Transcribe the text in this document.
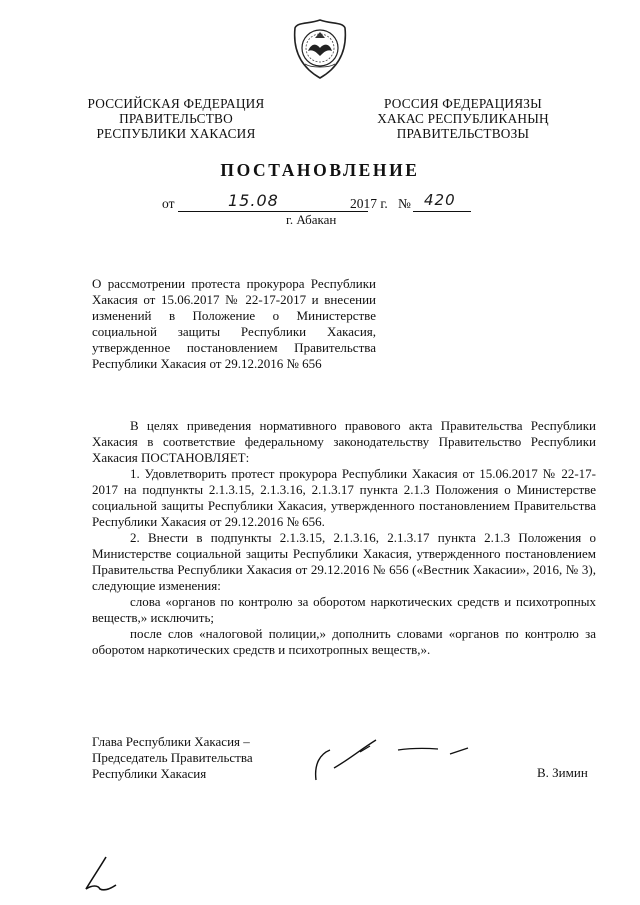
РОССИЙСКАЯ ФЕДЕРАЦИЯ
ПРАВИТЕЛЬСТВО
РЕСПУБЛИКИ ХАКАСИЯ
РОССИЯ ФЕДЕРАЦИЯЗЫ
ХАКАС РЕСПУБЛИКАНЫҢ
ПРАВИТЕЛЬСТВОЗЫ
ПОСТАНОВЛЕНИЕ
от	15.08	2017 г. № 420
г. Абакан
О рассмотрении протеста прокурора Республики Хакасия от 15.06.2017 № 22-17-2017 и внесении изменений в Положение о Министерстве социальной защиты Республики Хакасия, утвержденное постановлением Правительства Республики Хакасия от 29.12.2016 № 656

В целях приведения нормативного правового акта Правительства Республики Хакасия в соответствие федеральному законодательству Правительство Республики Хакасия ПОСТАНОВЛЯЕТ:

1. Удовлетворить протест прокурора Республики Хакасия от 15.06.2017 № 22-17-2017 на подпункты 2.1.3.15, 2.1.3.16, 2.1.3.17 пункта 2.1.3 Положения о Министерстве социальной защиты Республики Хакасия, утвержденного постановлением Правительства Республики Хакасия от 29.12.2016 № 656.

2. Внести в подпункты 2.1.3.15, 2.1.3.16, 2.1.3.17 пункта 2.1.3 Положения о Министерстве социальной защиты Республики Хакасия, утвержденного постановлением Правительства Республики Хакасия от 29.12.2016 № 656 («Вестник Хакасии», 2016, № 3), следующие изменения:

слова «органов по контролю за оборотом наркотических средств и психотропных веществ,» исключить;

после слов «налоговой полиции,» дополнить словами «органов по контролю за оборотом наркотических средств и психотропных веществ,».

Глава Республики Хакасия –
Председатель Правительства
Республики Хакасия	В. Зимин
